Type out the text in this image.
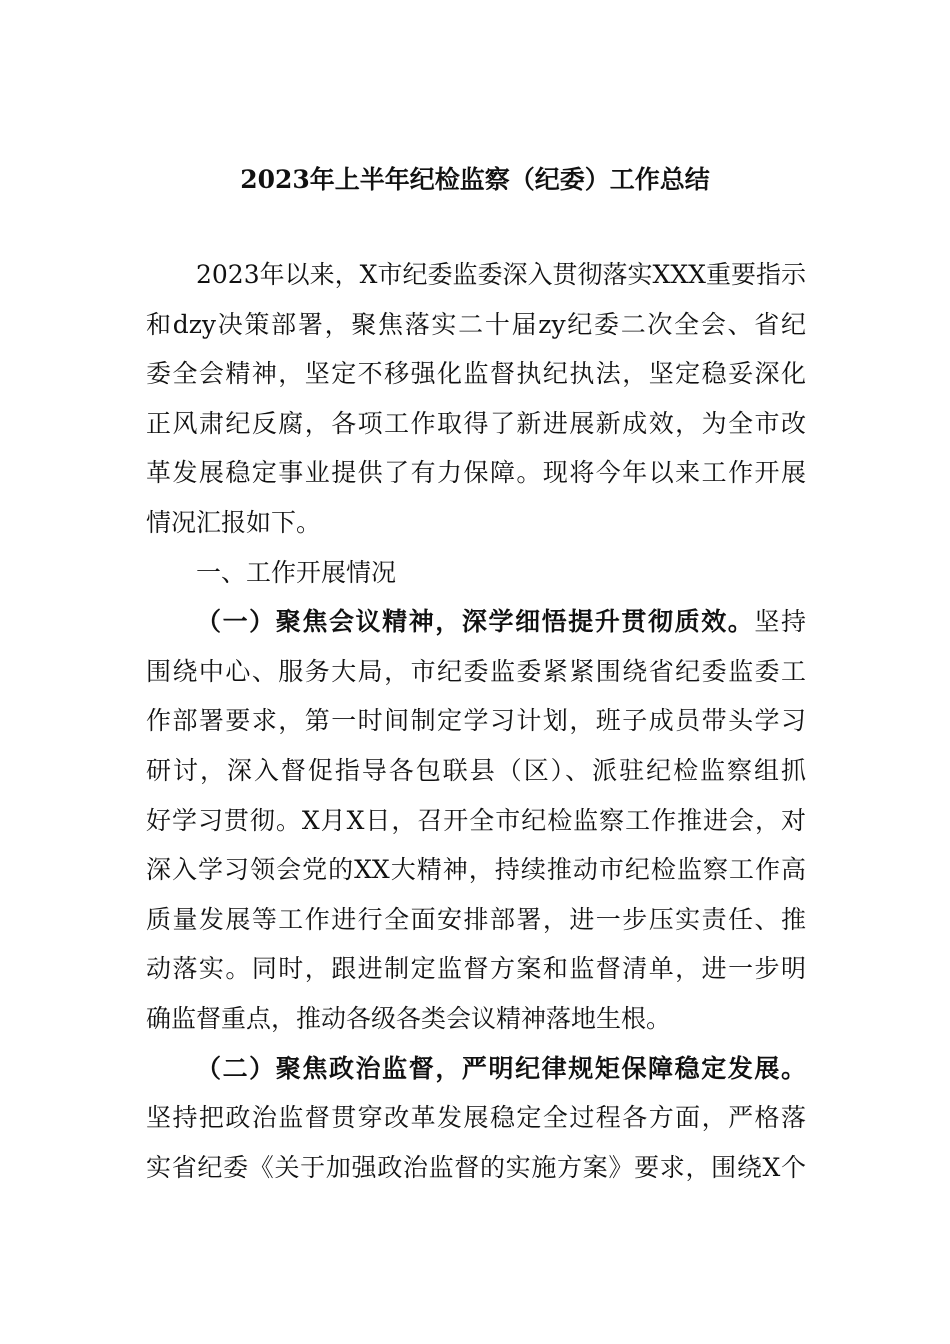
2023年上半年纪检监察（纪委）工作总结
2023年以来，X市纪委监委深入贯彻落实XXX重要指示
和dzy决策部署，聚焦落实二十届zy纪委二次全会、省纪
委全会精神，坚定不移强化监督执纪执法，坚定稳妥深化
正风肃纪反腐，各项工作取得了新进展新成效，为全市改
革发展稳定事业提供了有力保障。现将今年以来工作开展
情况汇报如下。
一、工作开展情况
（一）聚焦会议精神，深学细悟提升贯彻质效。坚持
围绕中心、服务大局，市纪委监委紧紧围绕省纪委监委工
作部署要求，第一时间制定学习计划，班子成员带头学习
研讨，深入督促指导各包联县（区）、派驻纪检监察组抓
好学习贯彻。X月X日，召开全市纪检监察工作推进会，对
深入学习领会党的XX大精神，持续推动市纪检监察工作高
质量发展等工作进行全面安排部署，进一步压实责任、推
动落实。同时，跟进制定监督方案和监督清单，进一步明
确监督重点，推动各级各类会议精神落地生根。
（二）聚焦政治监督，严明纪律规矩保障稳定发展。
坚持把政治监督贯穿改革发展稳定全过程各方面，严格落
实省纪委《关于加强政治监督的实施方案》要求，围绕X个
